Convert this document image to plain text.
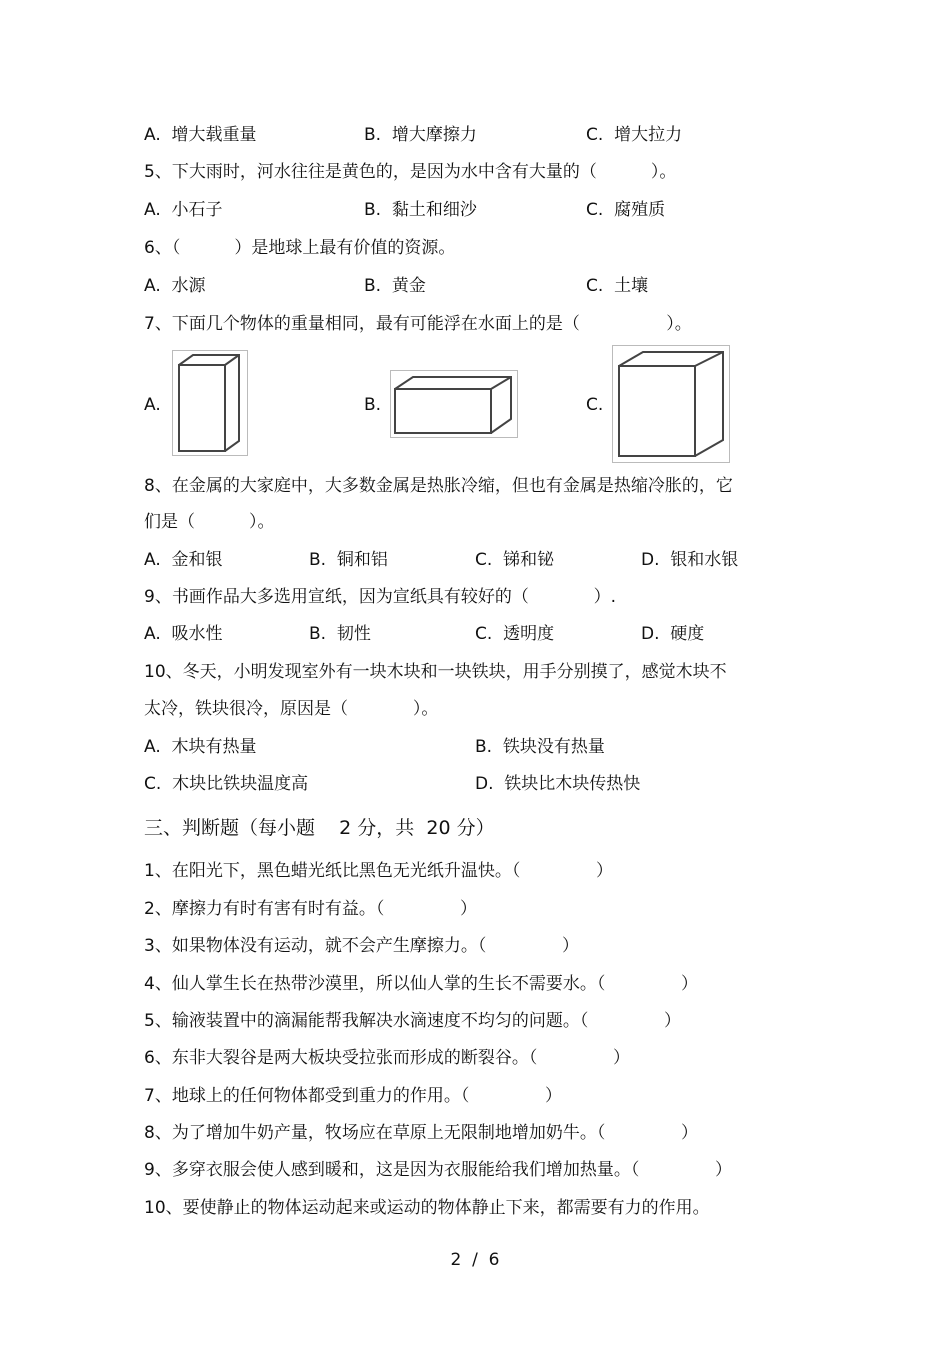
A.  增大载重量	B.  增大摩擦力	C.  增大拉力
5、下大雨时，河水往往是黄色的，是因为水中含有大量的（          ）。
A.  小石子	B.  黏土和细沙	C.  腐殖质
6、（          ）是地球上最有价值的资源。
A.  水源	B.  黄金	C.  土壤
7、下面几个物体的重量相同，最有可能浮在水面上的是（                ）。
A.	B.	C.
8、在金属的大家庭中，大多数金属是热胀冷缩，但也有金属是热缩冷胀的，它
们是（          ）。
A.  金和银	B.  铜和铝	C.  锑和铋	D.  银和水银
9、书画作品大多选用宣纸，因为宣纸具有较好的（            ）.
A.  吸水性	B.  韧性	C.  透明度	D.  硬度
10、冬天，小明发现室外有一块木块和一块铁块，用手分别摸了，感觉木块不
太冷，铁块很冷，原因是（            ）。
A.  木块有热量	B.  铁块没有热量
C.  木块比铁块温度高	D.  铁块比木块传热快
三、判断题（每小题    2 分，共  20 分）
1、在阳光下，黑色蜡光纸比黑色无光纸升温快。（              ）
2、摩擦力有时有害有时有益。（              ）
3、如果物体没有运动，就不会产生摩擦力。（              ）
4、仙人掌生长在热带沙漠里，所以仙人掌的生长不需要水。（              ）
5、输液装置中的滴漏能帮我解决水滴速度不均匀的问题。（              ）
6、东非大裂谷是两大板块受拉张而形成的断裂谷。（              ）
7、地球上的任何物体都受到重力的作用。（              ）
8、为了增加牛奶产量，牧场应在草原上无限制地增加奶牛。（              ）
9、多穿衣服会使人感到暖和，这是因为衣服能给我们增加热量。（              ）
10、要使静止的物体运动起来或运动的物体静止下来，都需要有力的作用。
2  /  6
